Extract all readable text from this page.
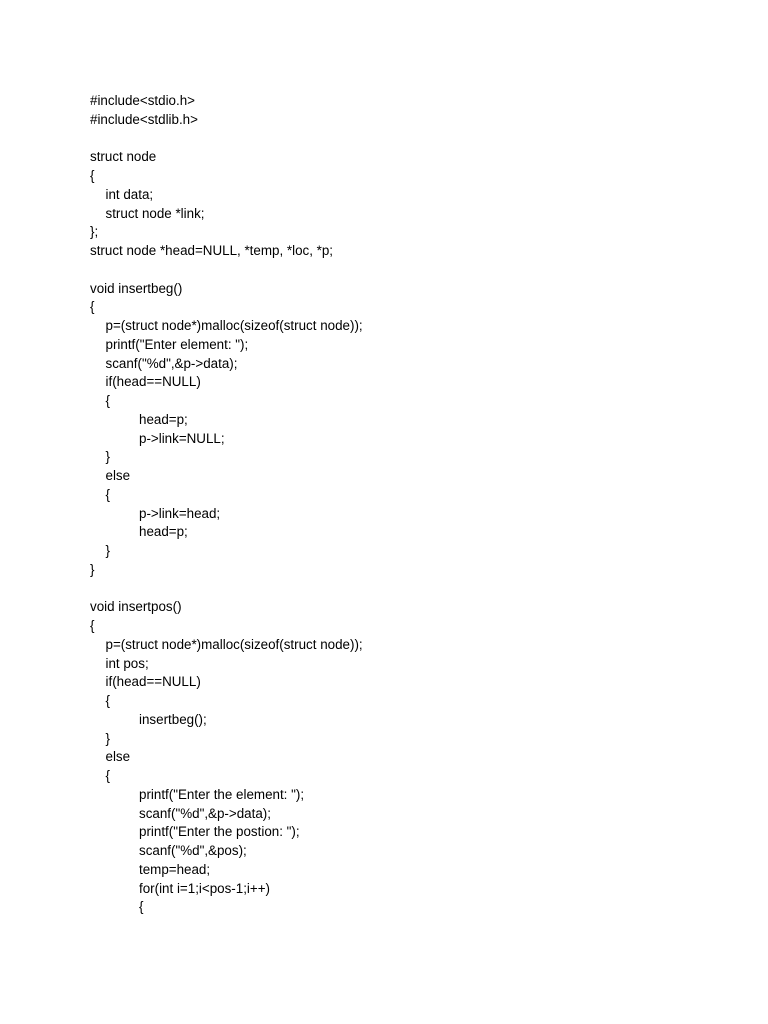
#include<stdio.h>
#include<stdlib.h>
struct node
{
int data;
struct node *link;
};
struct node *head=NULL, *temp, *loc, *p;
void insertbeg()
{
p=(struct node*)malloc(sizeof(struct node));
printf("Enter element: ");
scanf("%d",&p->data);
if(head==NULL)
{
head=p;
p->link=NULL;
}
else
{
p->link=head;
head=p;
}
}
void insertpos()
{
p=(struct node*)malloc(sizeof(struct node));
int pos;
if(head==NULL)
{
insertbeg();
}
else
{
printf("Enter the element: ");
scanf("%d",&p->data);
printf("Enter the postion: ");
scanf("%d",&pos);
temp=head;
for(int i=1;i<pos-1;i++)
{
